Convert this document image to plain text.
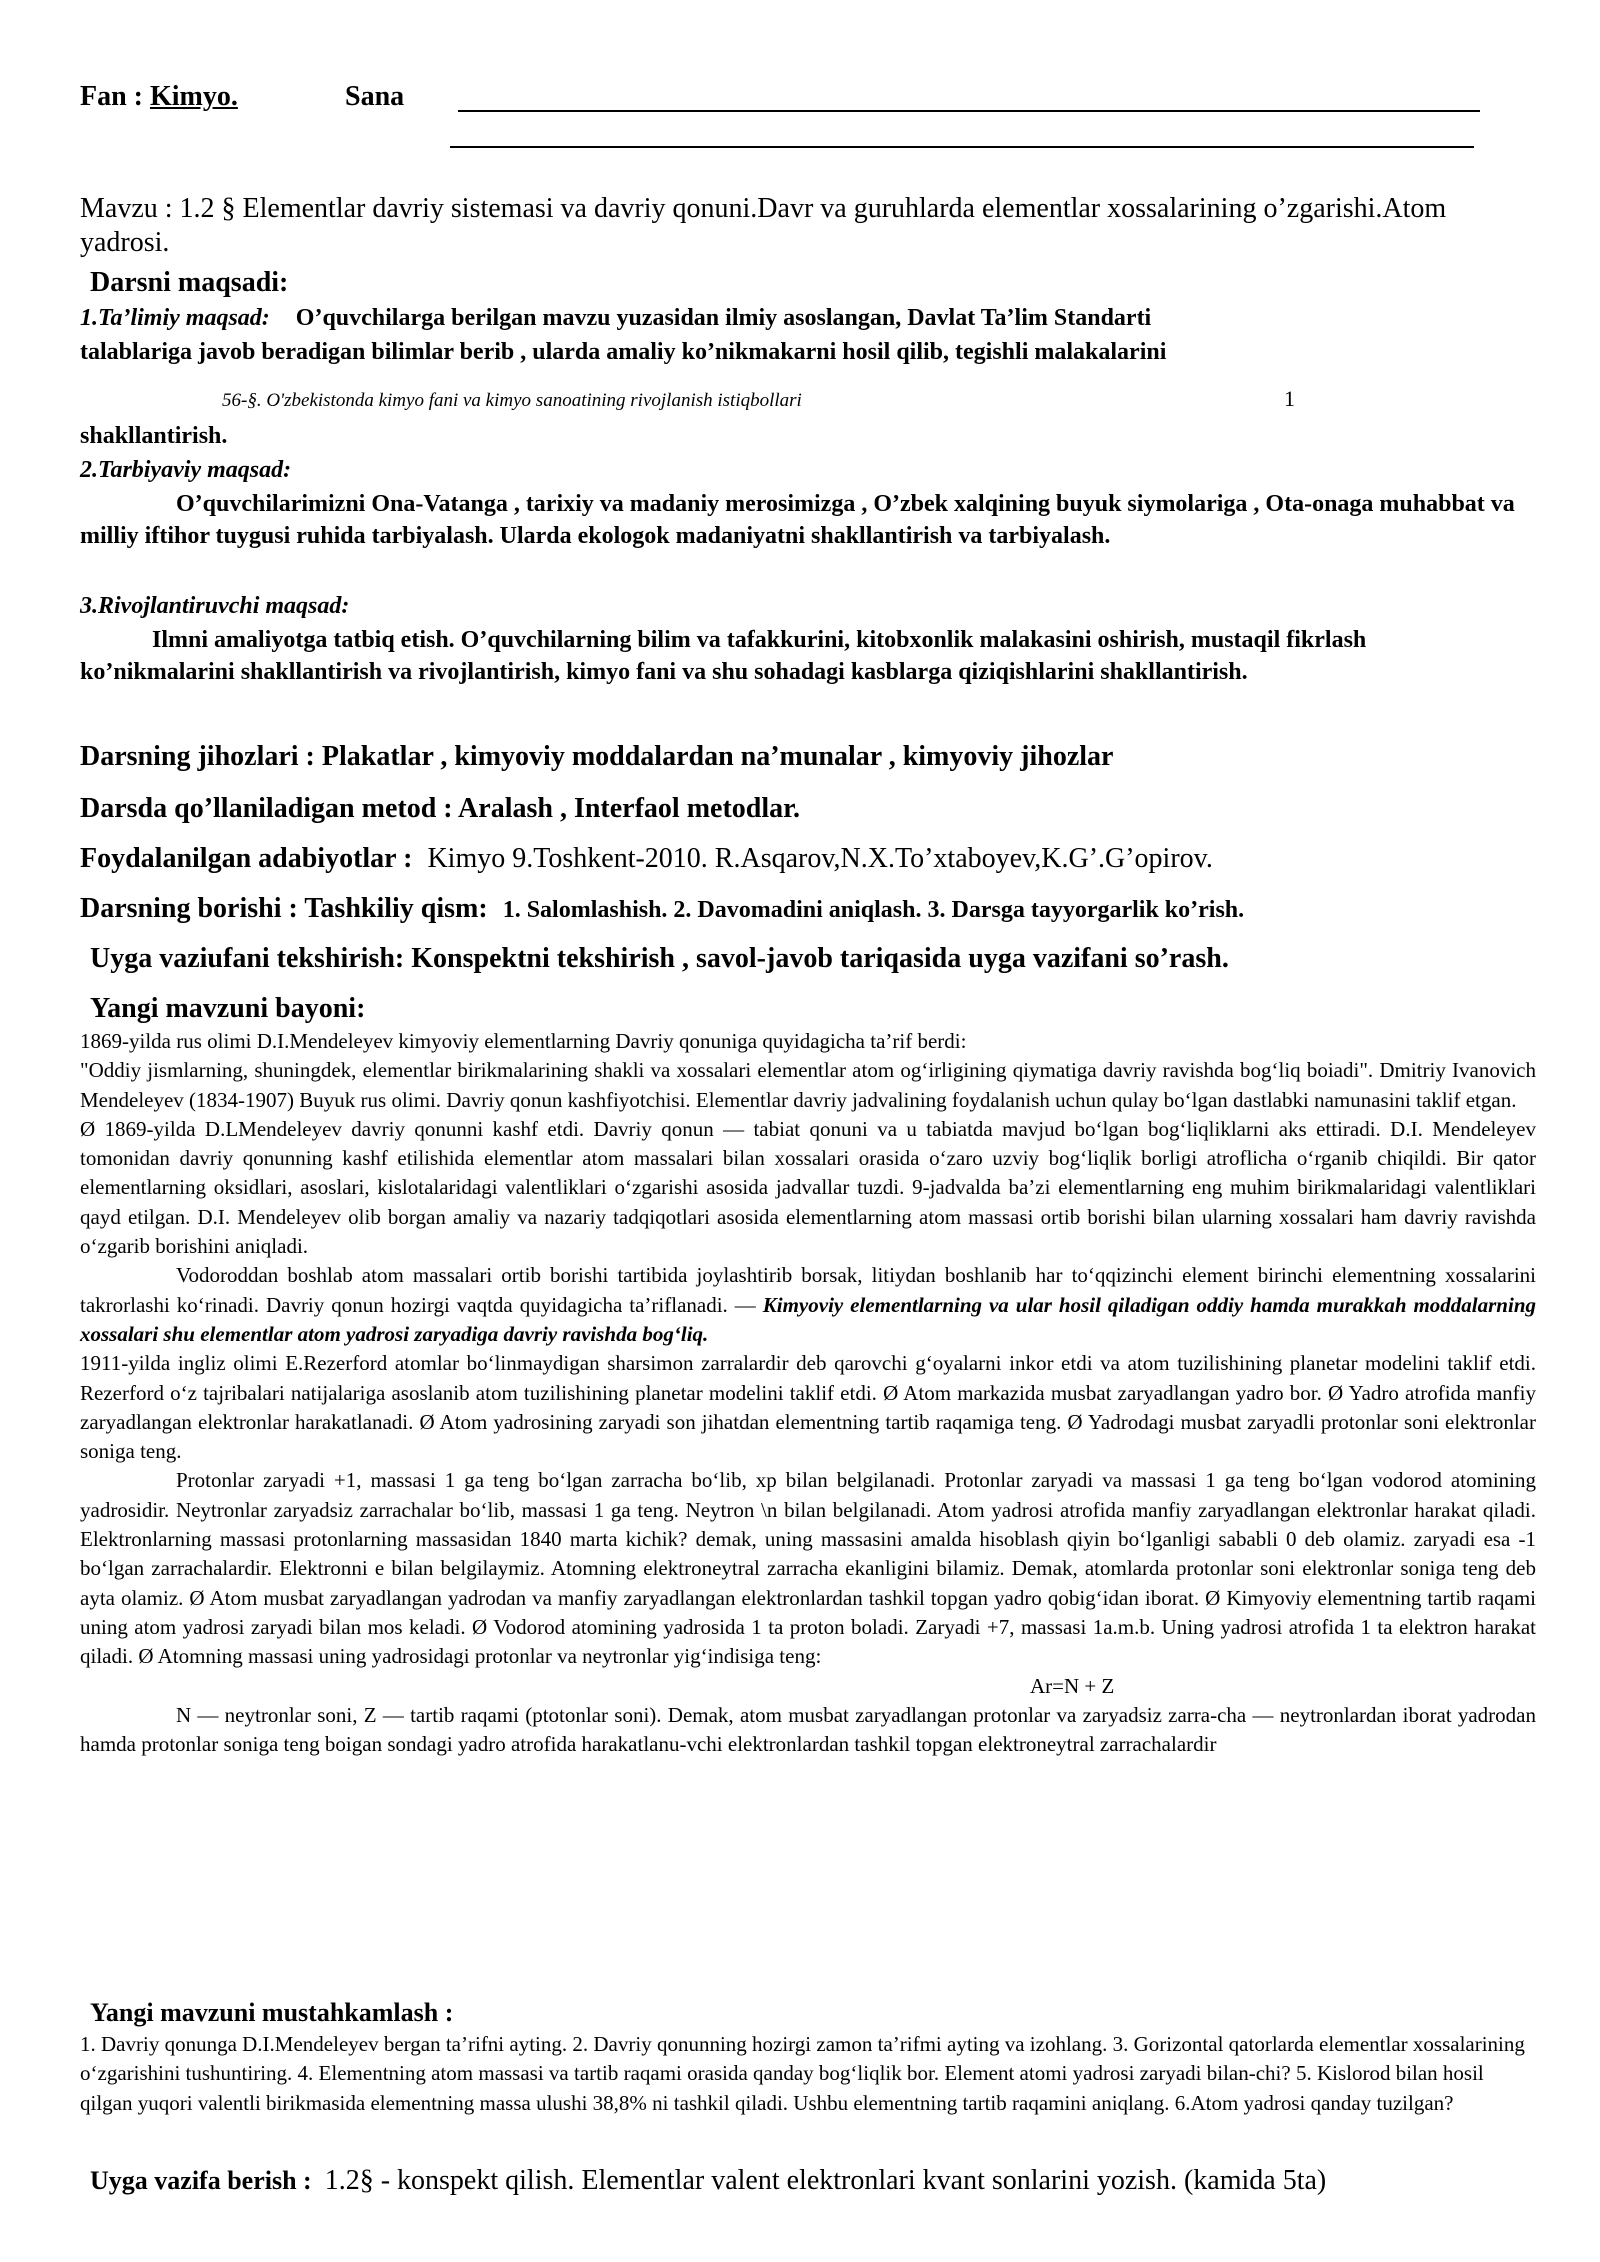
Fan : Kimyo.	Sana
Mavzu : 1.2 § Elementlar davriy sistemasi va davriy qonuni.Davr va guruhlarda elementlar xossalarining o’zgarishi.Atom yadrosi.
Darsni maqsadi:
1.Ta’limiy maqsad: O’quvchilarga berilgan mavzu yuzasidan ilmiy asoslangan, Davlat Ta’lim Standarti
talablariga javob beradigan bilimlar berib , ularda amaliy ko’nikmakarni hosil qilib, tegishli malakalarini
56-§. O'zbekistonda kimyo fani va kimyo sanoatining rivojlanish istiqbollari	1
shakllantirish.
2.Tarbiyaviy maqsad:
O’quvchilarimizni Ona-Vatanga , tarixiy va madaniy merosimizga , O’zbek xalqining buyuk siymolariga , Ota-onaga muhabbat va milliy iftihor tuygusi ruhida tarbiyalash. Ularda ekologok madaniyatni shakllantirish va tarbiyalash.
3.Rivojlantiruvchi maqsad:
Ilmni amaliyotga tatbiq etish. O’quvchilarning bilim va tafakkurini, kitobxonlik malakasini oshirish, mustaqil fikrlash ko’nikmalarini shakllantirish va rivojlantirish, kimyo fani va shu sohadagi kasblarga qiziqishlarini shakllantirish.
Darsning jihozlari : Plakatlar , kimyoviy moddalardan na’munalar , kimyoviy jihozlar
Darsda qo’llaniladigan metod : Aralash , Interfaol metodlar.
Foydalanilgan adabiyotlar : Kimyo 9.Toshkent-2010. R.Asqarov,N.X.To’xtaboyev,K.G’.G’opirov.
Darsning borishi : Tashkiliy qism: 1. Salomlashish. 2. Davomadini aniqlash. 3. Darsga tayyorgarlik ko’rish.
Uyga vaziufani tekshirish: Konspektni tekshirish , savol-javob tariqasida uyga vazifani so’rash.
Yangi mavzuni bayoni:

1869-yilda rus olimi D.I.Mendeleyev kimyoviy elementlarning Davriy qonuniga quyidagicha ta’rif berdi:

"Oddiy jismlarning, shuningdek, elementlar birikmalarining shakli va xossalari elementlar atom og‘irligining qiymatiga davriy ravishda bog‘liq boiadi". Dmitriy Ivanovich Mendeleyev (1834-1907) Buyuk rus olimi. Davriy qonun kashfiyotchisi. Elementlar davriy jadvalining foydalanish uchun qulay bo‘lgan dastlabki namunasini taklif etgan.

Ø 1869-yilda D.LMendeleyev davriy qonunni kashf etdi. Davriy qonun — tabiat qonuni va u tabiatda mavjud bo‘lgan bog‘liqliklarni aks ettiradi. D.I. Mendeleyev tomonidan davriy qonunning kashf etilishida elementlar atom massalari bilan xossalari orasida o‘zaro uzviy bog‘liqlik borligi atroflicha o‘rganib chiqildi. Bir qator elementlarning oksidlari, asoslari, kislotalaridagi valentliklari o‘zgarishi asosida jadvallar tuzdi. 9-jadvalda ba’zi elementlarning eng muhim birikmalaridagi valentliklari qayd etilgan. D.I. Mendeleyev olib borgan amaliy va nazariy tadqiqotlari asosida elementlarning atom massasi ortib borishi bilan ularning xossalari ham davriy ravishda o‘zgarib borishini aniqladi.

Vodoroddan boshlab atom massalari ortib borishi tartibida joylashtirib borsak, litiydan boshlanib har to‘qqizinchi element birinchi elementning xossalarini takrorlashi ko‘rinadi. Davriy qonun hozirgi vaqtda quyidagicha ta’riflanadi. — Kimyoviy elementlarning va ular hosil qiladigan oddiy hamda murakkah moddalarning xossalari shu elementlar atom yadrosi zaryadiga davriy ravishda bog‘liq.

1911-yilda ingliz olimi E.Rezerford atomlar bo‘linmaydigan sharsimon zarralardir deb qarovchi g‘oyalarni inkor etdi va atom tuzilishining planetar modelini taklif etdi. Rezerford o‘z tajribalari natijalariga asoslanib atom tuzilishining planetar modelini taklif etdi. Ø Atom markazida musbat zaryadlangan yadro bor. Ø Yadro atrofida manfiy zaryadlangan elektronlar harakatlanadi. Ø Atom yadrosining zaryadi son jihatdan elementning tartib raqamiga teng. Ø Yadrodagi musbat zaryadli protonlar soni elektronlar soniga teng.

Protonlar zaryadi +1, massasi 1 ga teng bo‘lgan zarracha bo‘lib, xp bilan belgilanadi. Protonlar zaryadi va massasi 1 ga teng bo‘lgan vodorod atomining yadrosidir. Neytronlar zaryadsiz zarrachalar bo‘lib, massasi 1 ga teng. Neytron \n bilan belgilanadi. Atom yadrosi atrofida manfiy zaryadlangan elektronlar harakat qiladi. Elektronlarning massasi protonlarning massasidan 1840 marta kichik? demak, uning massasini amalda hisoblash qiyin bo‘lganligi sababli 0 deb olamiz. zaryadi esa -1 bo‘lgan zarrachalardir. Elektronni e bilan belgilaymiz. Atomning elektroneytral zarracha ekanligini bilamiz. Demak, atomlarda protonlar soni elektronlar soniga teng deb ayta olamiz. Ø Atom musbat zaryadlangan yadrodan va manfiy zaryadlangan elektronlardan tashkil topgan yadro qobig‘idan iborat. Ø Kimyoviy elementning tartib raqami uning atom yadrosi zaryadi bilan mos keladi. Ø Vodorod atomining yadrosida 1 ta proton boladi. Zaryadi +7, massasi 1a.m.b. Uning yadrosi atrofida 1 ta elektron harakat qiladi. Ø Atomning massasi uning yadrosidagi protonlar va neytronlar yig‘indisiga teng:

Ar=N + Z

N — neytronlar soni, Z — tartib raqami (ptotonlar soni). Demak, atom musbat zaryadlangan protonlar va zaryadsiz zarra-cha — neytronlardan iborat yadrodan hamda protonlar soniga teng boigan sondagi yadro atrofida harakatlanu-vchi elektronlardan tashkil topgan elektroneytral zarrachalardir

Yangi mavzuni mustahkamlash :
1. Davriy qonunga D.I.Mendeleyev bergan ta’rifni ayting. 2. Davriy qonunning hozirgi zamon ta’rifmi ayting va izohlang. 3. Gorizontal qatorlarda elementlar xossalarining o‘zgarishini tushuntiring. 4. Elementning atom massasi va tartib raqami orasida qanday bog‘liqlik bor. Element atomi yadrosi zaryadi bilan-chi? 5. Kislorod bilan hosil qilgan yuqori valentli birikmasida elementning massa ulushi 38,8% ni tashkil qiladi. Ushbu elementning tartib raqamini aniqlang. 6.Atom yadrosi qanday tuzilgan?
Uyga vazifa berish : 1.2§ - konspekt qilish. Elementlar valent elektronlari kvant sonlarini yozish. (kamida 5ta)
